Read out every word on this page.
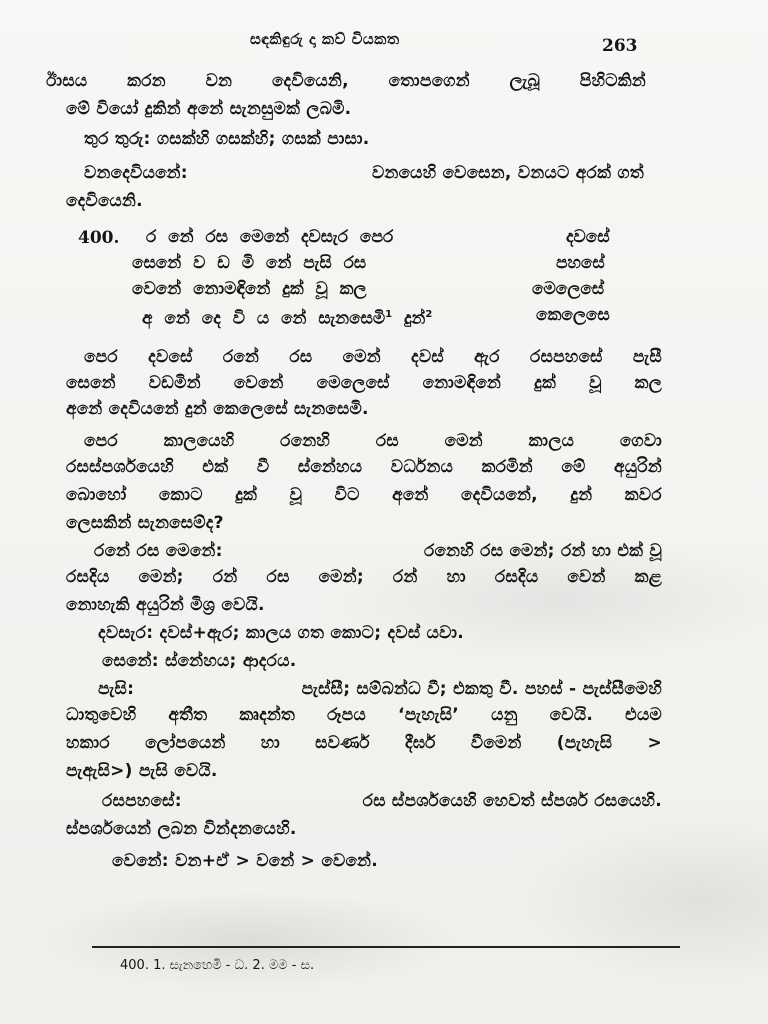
සඳකිඳුරු දා කව් වියකත	263
ඊාසය කරන වන දෙවියෙනි, තොපගෙන් ලැබූ පිහිටකින්
මේ වියෝ දුකින් අනේ සැනසුමක් ලබමි.
තුර තුරු: ගසක්හි ගසක්හි; ගසක් පාසා.
වනදෙවියනේ:	වනයෙහි වෙසෙන, වනයට අරක් ගත්
දෙවියෙනි.
400. ර නේ රස මෙනේ දවසැර පෙර	දවසේ
සෙනේ ව ඩ මි නේ පැසි රස	පහසේ
වෙනේ නොමඳිනේ දුක් වූ කල	මෙලෙසේ
අ නේ දෙ වි ය නේ සැනසෙමි$^1$ දුන්$^2$	කෙලෙසෙ
පෙර දවසේ රනේ රස මෙන් දවස් ඇර රසපහසේ පැසී
සෙනේ වඩමින් වෙනේ මෙලෙසේ නොමඳිනේ දුක් වූ කල
අනේ දෙවියනේ දුන් කෙලෙසේ සැනසෙමි.
පෙර කාලයෙහි රනෙහි රස මෙන් කාලය ගෙවා
රසස්පර්ශයෙහි එක් වී ස්නේහය වර්ධනය කරමින් මේ අයුරින්
බොහෝ කොට දුක් වූ විට අනේ දෙවියනේ, දුන් කවර
ලෙසකින් සැනසෙම්ද?
රනේ රස මෙනේ:	රනෙහි රස මෙන්; රන් හා එක් වූ
රසදිය මෙන්; රන් රස මෙන්; රන් හා රසදිය වෙන් කළ
නොහැකි අයුරින් මිශ්‍ර වෙයි.
දවසැර: දවස්+ඇර; කාලය ගත කොට; දවස් යවා.
සෙනේ: ස්නේහය; ආදරය.
පැසි:	පැස්සී; සම්බන්ධ වී; එකතු වී. පහස් - පැස්සීමෙහි
ධාතුවෙහි අතීත කෘදන්ත රූපය ‘පැහැසි’ යනු වෙයි. එයම
හකාර ලෝපයෙන් හා සවර්ණ දීර්ඝ වීමෙන් (පැහැසි >
පැඇසි>) පැසි වෙයි.
රසපහසේ:	රස ස්පර්ශයෙහි හෙවත් ස්පර්ශ රසයෙහි.
ස්පර්ශයෙන් ලබන වින්දනයෙහි.
වෙනේ: වන+ඒ > වනේ > වෙනේ.
400. 1. සැනහෙමි - ධ. 2. මම - ස.
